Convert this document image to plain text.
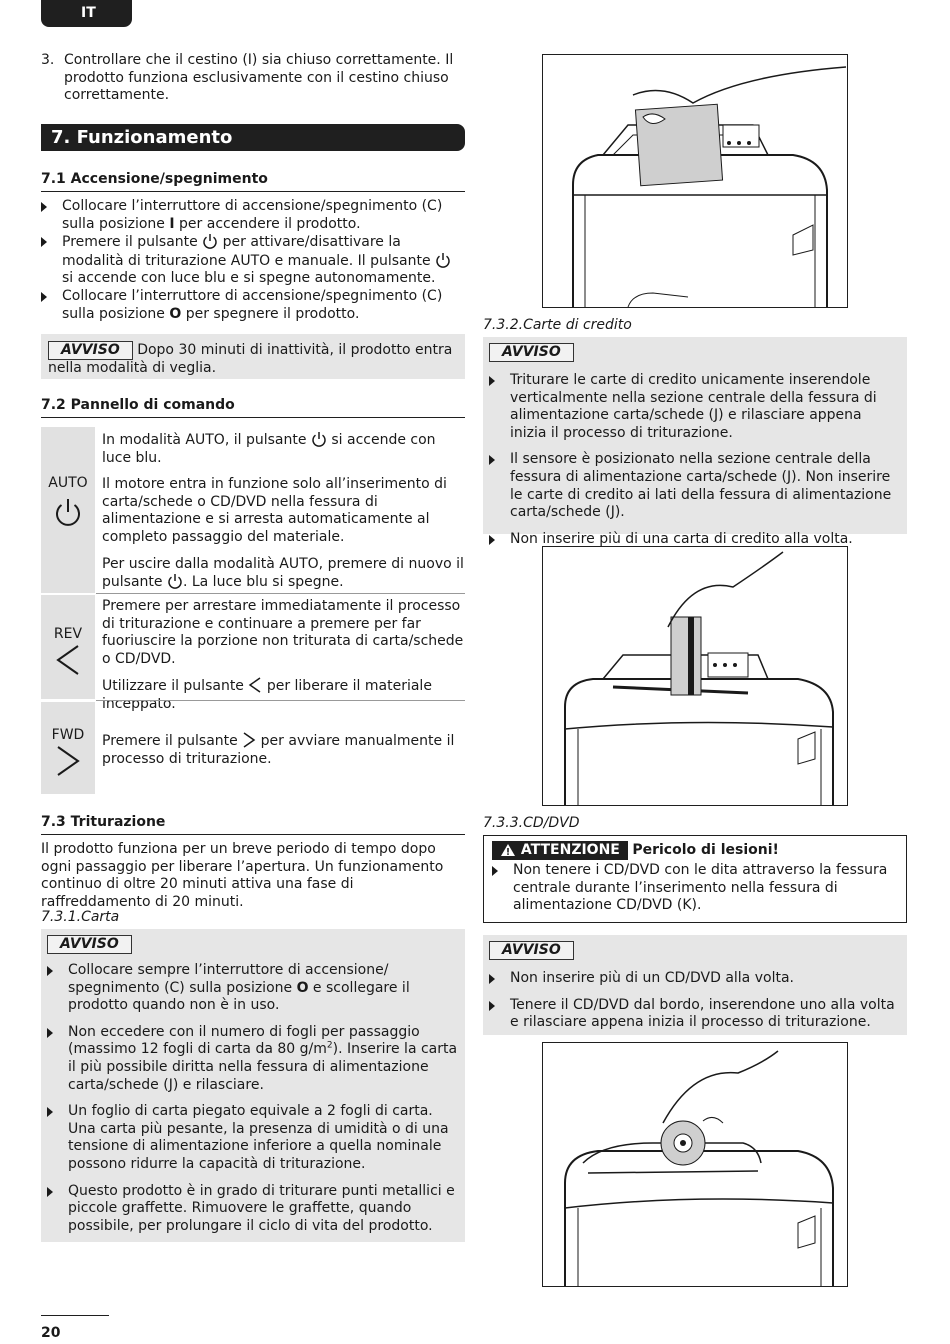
IT
3. Controllare che il cestino (I) sia chiuso correttamente. Il prodotto funziona esclusivamente con il cestino chiuso correttamente.

7. Funzionamento
7.1 Accensione/spegnimento
Collocare l’interruttore di accensione/spegnimento (C) sulla posizione I per accendere il prodotto.
Premere il pulsante  per attivare/disattivare la modalità di triturazione AUTO e manuale. Il pulsante  si accende con luce blu e si spegne autonomamente.
Collocare l’interruttore di accensione/spegnimento (C) sulla posizione O per spegnere il prodotto.
AVVISO Dopo 30 minuti di inattività, il prodotto entra nella modalità di veglia.
7.2 Pannello di comando
AUTO

In modalità AUTO, il pulsante  si accende con luce blu.

Il motore entra in funzione solo all’inserimento di carta/schede o CD/DVD nella fessura di alimentazione e si arresta automaticamente al completo passaggio del materiale.

Per uscire dalla modalità AUTO, premere di nuovo il pulsante . La luce blu si spegne.

REV

Premere per arrestare immediatamente il processo di triturazione e continuare a premere per far fuoriuscire la porzione non triturata di carta/schede o CD/DVD.

Utilizzare il pulsante  per liberare il materiale inceppato.

FWD	Premere il pulsante  per avviare manualmente il processo di triturazione.

7.3 Triturazione

Il prodotto funziona per un breve periodo di tempo dopo ogni passaggio per liberare l’apertura. Un funzionamento continuo di oltre 20 minuti attiva una fase di raffreddamento di 20 minuti.

7.3.1.Carta
AVVISO
Collocare sempre l’interruttore di accensione/ spegnimento (C) sulla posizione O e scollegare il prodotto quando non è in uso.
Non eccedere con il numero di fogli per passaggio (massimo 12 fogli di carta da 80 $g/m^2$). Inserire la carta il più possibile diritta nella fessura di alimentazione carta/schede (J) e rilasciare.
Un foglio di carta piegato equivale a 2 fogli di carta. Una carta più pesante, la presenza di umidità o di una tensione di alimentazione inferiore a quella nominale possono ridurre la capacità di triturazione.
Questo prodotto è in grado di triturare punti metallici e piccole graffette. Rimuovere le graffette, quando possibile, per prolungare il ciclo di vita del prodotto.
7.3.2.Carte di credito
AVVISO
Triturare le carte di credito unicamente inserendole verticalmente nella sezione centrale della fessura di alimentazione carta/schede (J) e rilasciare appena inizia il processo di triturazione.
Il sensore è posizionato nella sezione centrale della fessura di alimentazione carta/schede (J). Non inserire le carte di credito ai lati della fessura di alimentazione carta/schede (J).
Non inserire più di una carta di credito alla volta.
7.3.3.CD/DVD
ATTENZIONE Pericolo di lesioni!
Non tenere i CD/DVD con le dita attraverso la fessura centrale durante l’inserimento nella fessura di alimentazione CD/DVD (K).
AVVISO
Non inserire più di un CD/DVD alla volta.
Tenere il CD/DVD dal bordo, inserendone uno alla volta e rilasciare appena inizia il processo di triturazione.
20
